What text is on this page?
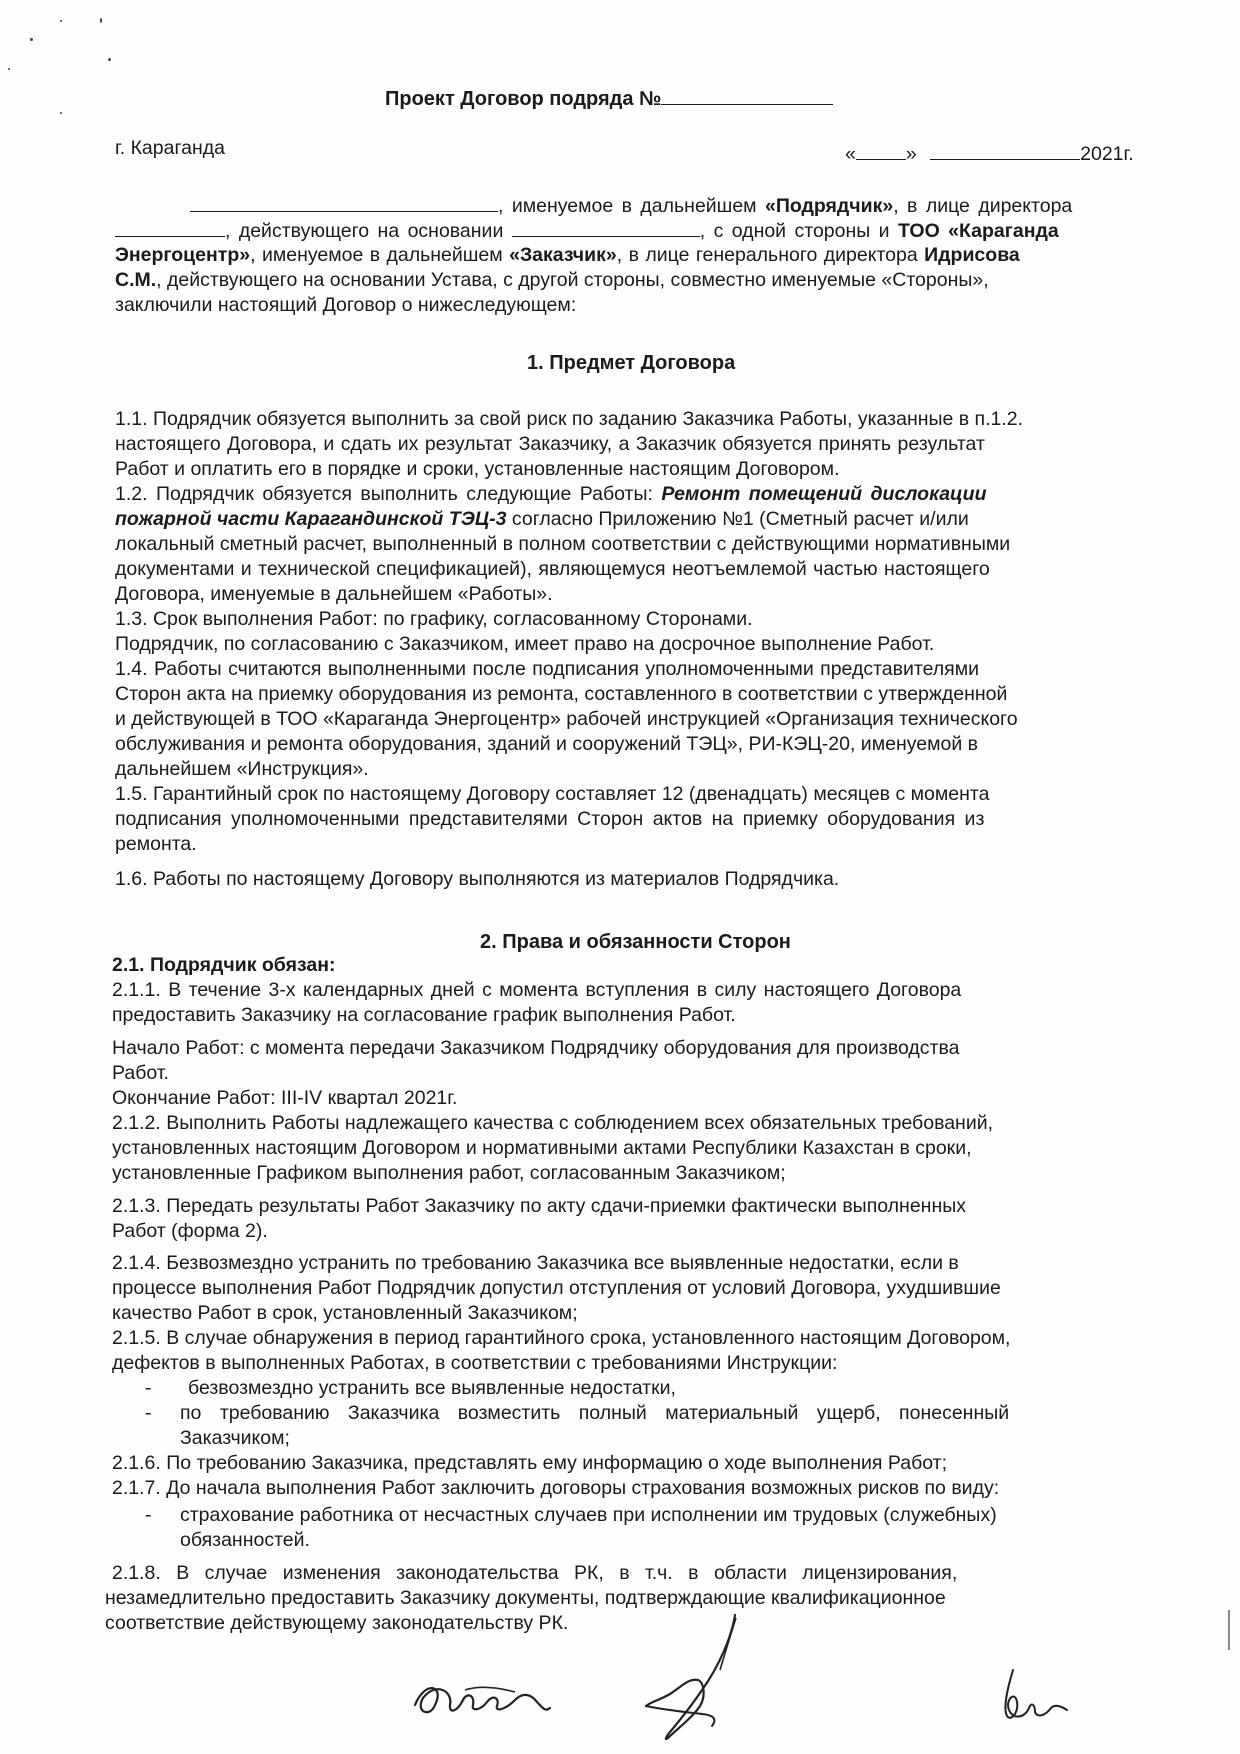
Проект Договор подряда №
г. Караганда	«	»	2021г.
, именуемое в дальнейшем «Подрядчик», в лице директора
, действующего на основании	, с одной стороны и ТОО «Караганда
Энергоцентр», именуемое в дальнейшем «Заказчик», в лице генерального директора Идрисова
С.М., действующего на основании Устава, с другой стороны, совместно именуемые «Стороны»,
заключили настоящий Договор о нижеследующем:
1. Предмет Договора
1.1. Подрядчик обязуется выполнить за свой риск по заданию Заказчика Работы, указанные в п.1.2.
настоящего Договора, и сдать их результат Заказчику, а Заказчик обязуется принять результат
Работ и оплатить его в порядке и сроки, установленные настоящим Договором.
1.2. Подрядчик обязуется выполнить следующие Работы: Ремонт помещений дислокации
пожарной части Карагандинской ТЭЦ-3 согласно Приложению №1 (Сметный расчет и/или
локальный сметный расчет, выполненный в полном соответствии с действующими нормативными
документами и технической спецификацией), являющемуся неотъемлемой частью настоящего
Договора, именуемые в дальнейшем «Работы».
1.3. Срок выполнения Работ: по графику, согласованному Сторонами.
Подрядчик, по согласованию с Заказчиком, имеет право на досрочное выполнение Работ.
1.4. Работы считаются выполненными после подписания уполномоченными представителями
Сторон акта на приемку оборудования из ремонта, составленного в соответствии с утвержденной
и действующей в ТОО «Караганда Энергоцентр» рабочей инструкцией «Организация технического
обслуживания и ремонта оборудования, зданий и сооружений ТЭЦ», РИ-КЭЦ-20, именуемой в
дальнейшем «Инструкция».
1.5. Гарантийный срок по настоящему Договору составляет 12 (двенадцать) месяцев с момента
подписания уполномоченными представителями Сторон актов на приемку оборудования из
ремонта.
1.6. Работы по настоящему Договору выполняются из материалов Подрядчика.
2. Права и обязанности Сторон
2.1. Подрядчик обязан:
2.1.1. В течение 3-х календарных дней с момента вступления в силу настоящего Договора
предоставить Заказчику на согласование график выполнения Работ.
Начало Работ: с момента передачи Заказчиком Подрядчику оборудования для производства
Работ.
Окончание Работ: III-IV квартал 2021г.
2.1.2. Выполнить Работы надлежащего качества с соблюдением всех обязательных требований,
установленных настоящим Договором и нормативными актами Республики Казахстан в сроки,
установленные Графиком выполнения работ, согласованным Заказчиком;
2.1.3. Передать результаты Работ Заказчику по акту сдачи-приемки фактически выполненных
Работ (форма 2).
2.1.4. Безвозмездно устранить по требованию Заказчика все выявленные недостатки, если в
процессе выполнения Работ Подрядчик допустил отступления от условий Договора, ухудшившие
качество Работ в срок, установленный Заказчиком;
2.1.5. В случае обнаружения в период гарантийного срока, установленного настоящим Договором,
дефектов в выполненных Работах, в соответствии с требованиями Инструкции:
- безвозмездно устранить все выявленные недостатки,
- по требованию Заказчика возместить полный материальный ущерб, понесенный
Заказчиком;
2.1.6. По требованию Заказчика, представлять ему информацию о ходе выполнения Работ;
2.1.7. До начала выполнения Работ заключить договоры страхования возможных рисков по виду:
- страхование работника от несчастных случаев при исполнении им трудовых (служебных)
обязанностей.
2.1.8. В случае изменения законодательства РК, в т.ч. в области лицензирования,
незамедлительно предоставить Заказчику документы, подтверждающие квалификационное
соответствие действующему законодательству РК.
